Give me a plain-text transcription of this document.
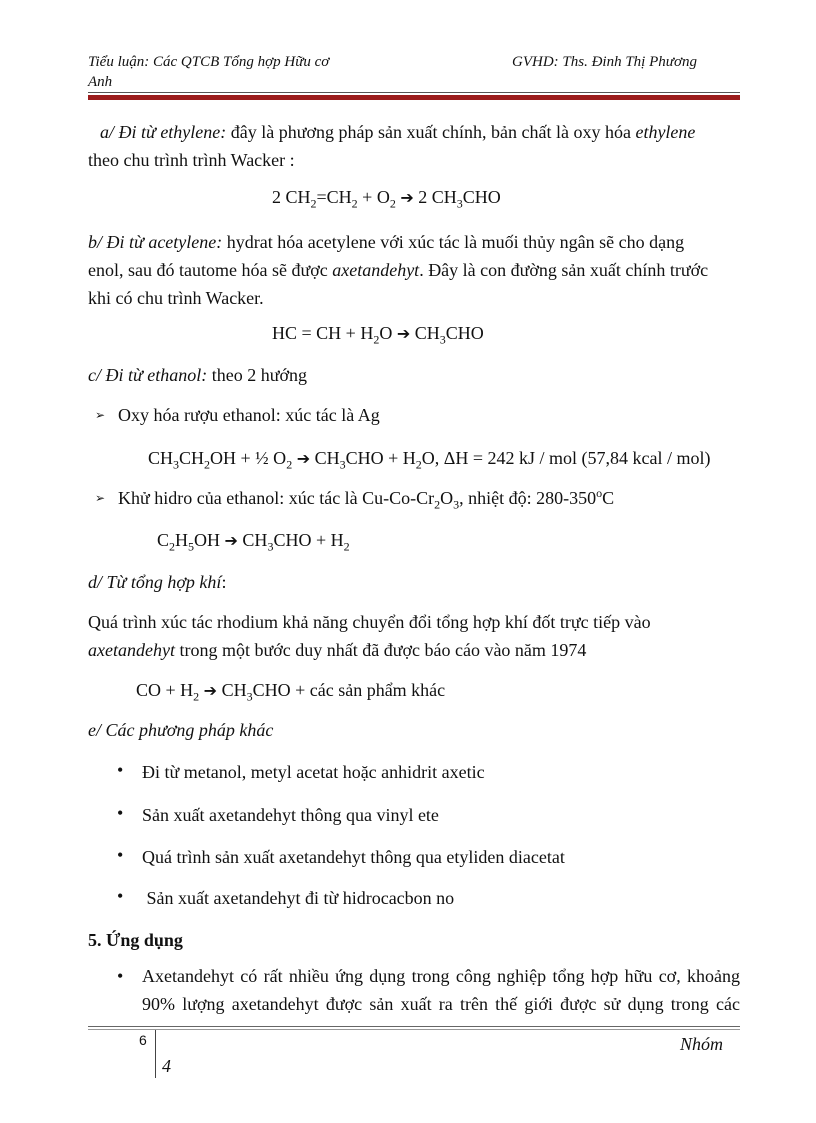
Tiểu luận: Các QTCB Tổng hợp Hữu cơ
Anh
GVHD: Ths. Đinh Thị Phương
a/ Đi từ ethylene: đây là phương pháp sản xuất chính, bản chất là oxy hóa ethylene
theo chu trình trình Wacker :
2 $CH_2=CH_2 + O_2$ ➔ 2 $CH_3CHO$
b/ Đi từ acetylene: hydrat hóa acetylene với xúc tác là muối thủy ngân sẽ cho dạng
enol, sau đó tautome hóa sẽ được axetandehyt. Đây là con đường sản xuất chính trước
khi có chu trình Wacker.
HC = CH + $H_2O$ ➔ $CH_3CHO$
c/ Đi từ ethanol: theo 2 hướng
➢ Oxy hóa rượu ethanol: xúc tác là Ag
$CH_3CH_2OH$ + ½ $O_2$ ➔ $CH_3CHO + H_2O$, ΔH = 242 kJ / mol (57,84 kcal / mol)
➢ Khử hidro của ethanol: xúc tác là $Cu-Co-Cr_2O_3$, nhiệt độ: 280-350$^o$C
$C_2H_5OH$ ➔ $CH_3CHO + H_2$
d/ Từ tổng hợp khí:
Quá trình xúc tác rhodium khả năng chuyển đổi tổng hợp khí đốt trực tiếp vào
axetandehyt trong một bước duy nhất đã được báo cáo vào năm 1974
CO + $H_2$ ➔ $CH_3CHO$ + các sản phẩm khác
e/ Các phương pháp khác
• Đi từ metanol, metyl acetat hoặc anhidrit axetic
• Sản xuất axetandehyt thông qua vinyl ete
• Quá trình sản xuất axetandehyt thông qua etyliden diacetat
• Sản xuất axetandehyt đi từ hidrocacbon no
5. Ứng dụng
• Axetandehyt có rất nhiều ứng dụng trong công nghiệp tổng hợp hữu cơ, khoảng
90% lượng axetandehyt được sản xuất ra trên thế giới được sử dụng trong các
6
4
Nhóm
